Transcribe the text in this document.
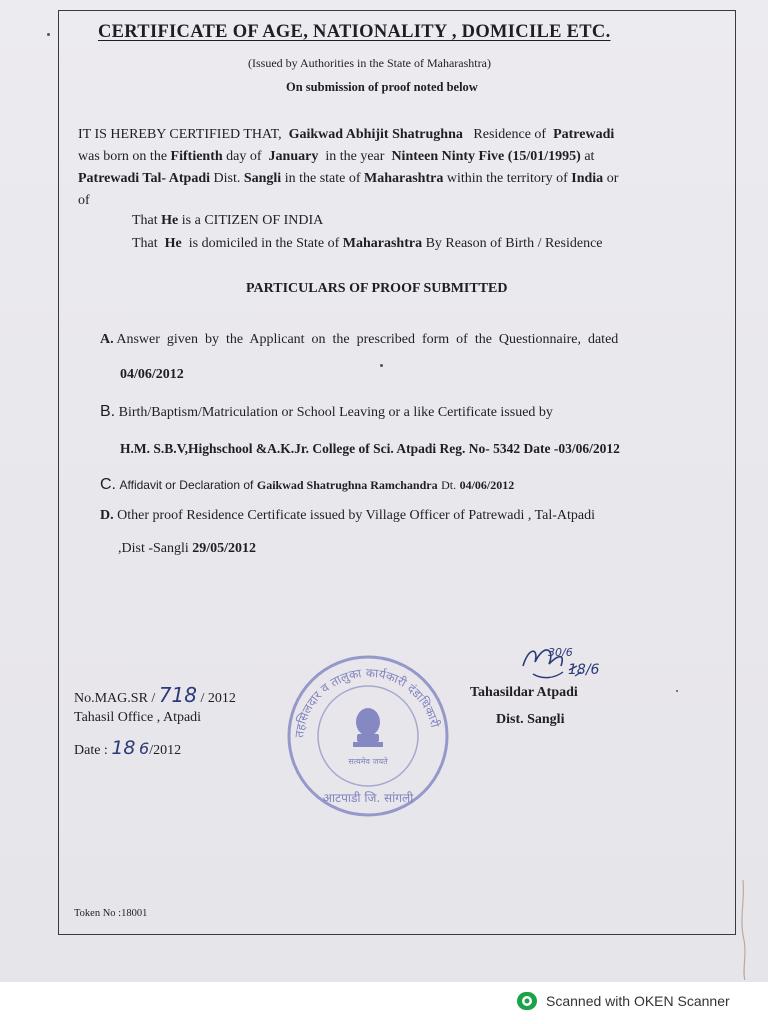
CERTIFICATE OF AGE, NATIONALITY , DOMICILE ETC.
(Issued by Authorities in the State of Maharashtra)
On submission of proof noted below
IT IS HEREBY CERTIFIED THAT, Gaikwad Abhijit Shatrughna Residence of Patrewadi
was born on the Fiftienth day of January in the year Ninteen Ninty Five (15/01/1995) at
Patrewadi Tal- Atpadi Dist. Sangli in the state of Maharashtra within the territory of India or
of
That He is a CITIZEN OF INDIA
That He is domiciled in the State of Maharashtra By Reason of Birth / Residence
PARTICULARS OF PROOF SUBMITTED
A. Answer  given  by  the  Applicant  on  the  prescribed  form  of  the  Questionnaire,  dated
04/06/2012
B. Birth/Baptism/Matriculation or School Leaving or a like Certificate issued by
H.M. S.B.V,Highschool &A.K.Jr. College of Sci. Atpadi Reg. No- 5342 Date -03/06/2012
C. Affidavit or Declaration of Gaikwad Shatrughna Ramchandra Dt. 04/06/2012
D. Other proof Residence Certificate issued by Village Officer of Patrewadi , Tal-Atpadi
,Dist -Sangli 29/05/2012
No.MAG.SR / 718 / 2012
Tahasil Office , Atpadi
Date : 18 6/2012
तहसिलदार व तालुका कार्यकारी दंडाधिकारी
आटपाडी जि. सांगली
सत्यमेव जयते
30/6
18/6
Tahasildar Atpadi
Dist. Sangli
Token No :18001
Scanned with OKEN Scanner
